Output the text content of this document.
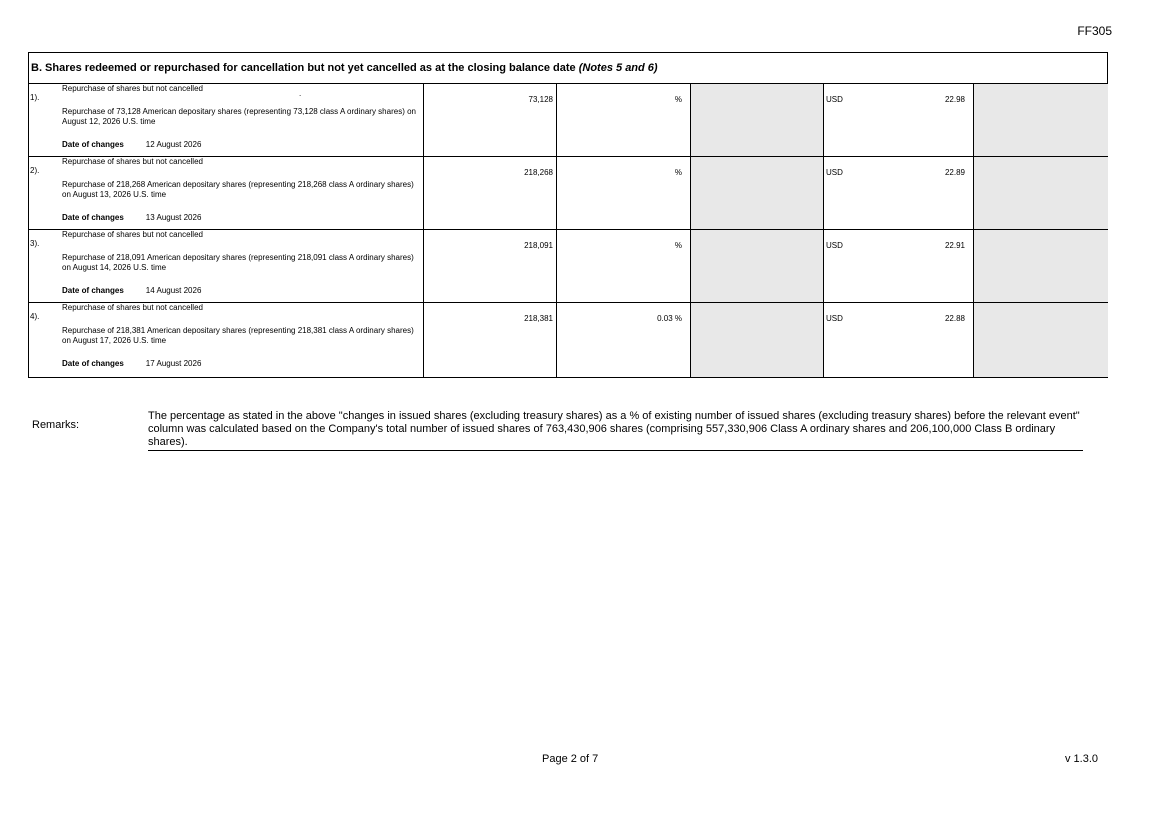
FF305
B. Shares redeemed or repurchased for cancellation but not yet cancelled as at the closing balance date (Notes 5 and 6)
1).
Repurchase of shares but not cancelled
.
Repurchase of 73,128 American depositary shares (representing 73,128 class A ordinary shares) on August 12, 2026 U.S. time
Date of changes	12 August 2026
73,128	%	USD	22.98
2).
Repurchase of shares but not cancelled
Repurchase of 218,268 American depositary shares (representing 218,268 class A ordinary shares) on August 13, 2026 U.S. time
Date of changes	13 August 2026
218,268	%	USD	22.89
3).
Repurchase of shares but not cancelled
Repurchase of 218,091 American depositary shares (representing 218,091 class A ordinary shares) on August 14, 2026 U.S. time
Date of changes	14 August 2026
218,091	%	USD	22.91
4).
Repurchase of shares but not cancelled
Repurchase of 218,381 American depositary shares (representing 218,381 class A ordinary shares) on August 17, 2026 U.S. time
Date of changes	17 August 2026
218,381	0.03 %	USD	22.88
Remarks:
The percentage as stated in the above "changes in issued shares (excluding treasury shares) as a % of existing number of issued shares (excluding treasury shares) before the relevant event" column was calculated based on the Company's total number of issued shares of 763,430,906 shares (comprising 557,330,906 Class A ordinary shares and 206,100,000 Class B ordinary shares).
Page 2 of 7	v 1.3.0
